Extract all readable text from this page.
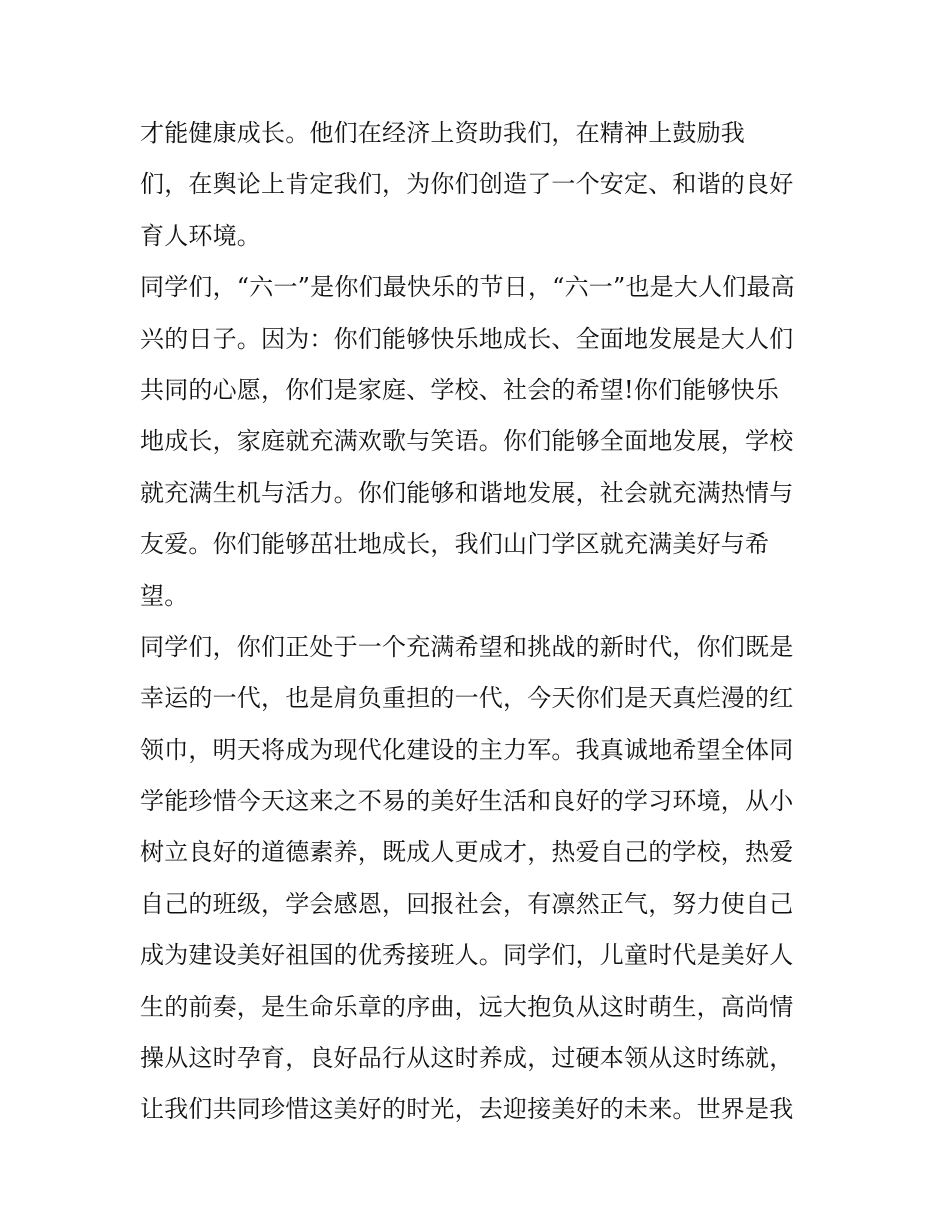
才能健康成长。他们在经济上资助我们，在精神上鼓励我
们，在舆论上肯定我们，为你们创造了一个安定、和谐的良好
育人环境。
同学们，“六一”是你们最快乐的节日，“六一”也是大人们最高
兴的日子。因为：你们能够快乐地成长、全面地发展是大人们
共同的心愿，你们是家庭、学校、社会的希望!你们能够快乐
地成长，家庭就充满欢歌与笑语。你们能够全面地发展，学校
就充满生机与活力。你们能够和谐地发展，社会就充满热情与
友爱。你们能够茁壮地成长，我们山门学区就充满美好与希
望。
同学们，你们正处于一个充满希望和挑战的新时代，你们既是
幸运的一代，也是肩负重担的一代，今天你们是天真烂漫的红
领巾，明天将成为现代化建设的主力军。我真诚地希望全体同
学能珍惜今天这来之不易的美好生活和良好的学习环境，从小
树立良好的道德素养，既成人更成才，热爱自己的学校，热爱
自己的班级，学会感恩，回报社会，有凛然正气，努力使自己
成为建设美好祖国的优秀接班人。同学们，儿童时代是美好人
生的前奏，是生命乐章的序曲，远大抱负从这时萌生，高尚情
操从这时孕育，良好品行从这时养成，过硬本领从这时练就，
让我们共同珍惜这美好的时光，去迎接美好的未来。世界是我
